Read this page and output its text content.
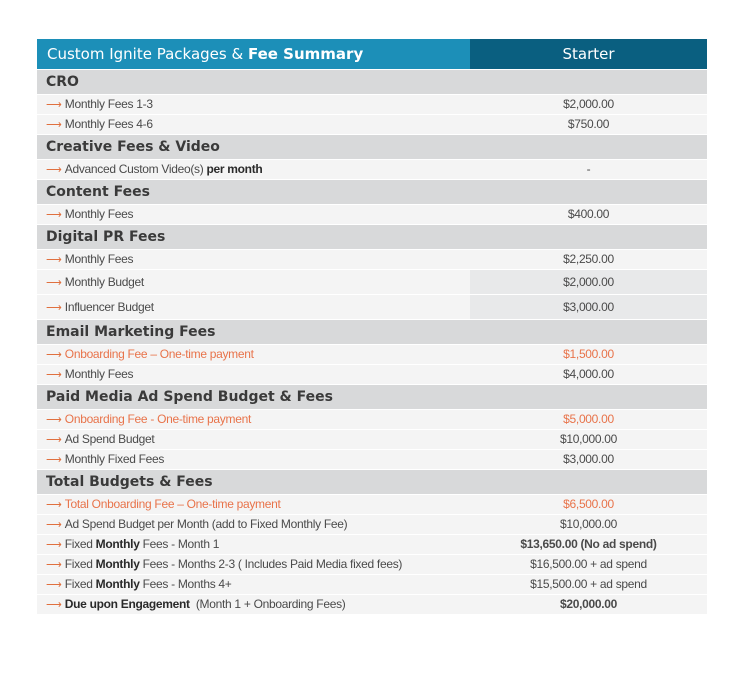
Custom Ignite Packages & Fee Summary	Starter
CRO
⟶ Monthly Fees 1-3	$2,000.00
⟶ Monthly Fees 4-6	$750.00
Creative Fees & Video
⟶ Advanced Custom Video(s) per month	-
Content Fees
⟶ Monthly Fees	$400.00
Digital PR Fees
⟶ Monthly Fees	$2,250.00
⟶ Monthly Budget	$2,000.00
⟶ Influencer Budget	$3,000.00
Email Marketing Fees
⟶ Onboarding Fee – One-time payment	$1,500.00
⟶ Monthly Fees	$4,000.00
Paid Media Ad Spend Budget & Fees
⟶ Onboarding Fee - One-time payment	$5,000.00
⟶ Ad Spend Budget	$10,000.00
⟶ Monthly Fixed Fees	$3,000.00
Total Budgets & Fees
⟶ Total Onboarding Fee – One-time payment	$6,500.00
⟶ Ad Spend Budget per Month (add to Fixed Monthly Fee)	$10,000.00
⟶ Fixed Monthly Fees - Month 1	$13,650.00 (No ad spend)
⟶ Fixed Monthly Fees - Months 2-3 ( Includes Paid Media fixed fees)	$16,500.00 + ad spend
⟶ Fixed Monthly Fees - Months 4+	$15,500.00 + ad spend
⟶ Due upon Engagement  (Month 1 + Onboarding Fees)	$20,000.00
